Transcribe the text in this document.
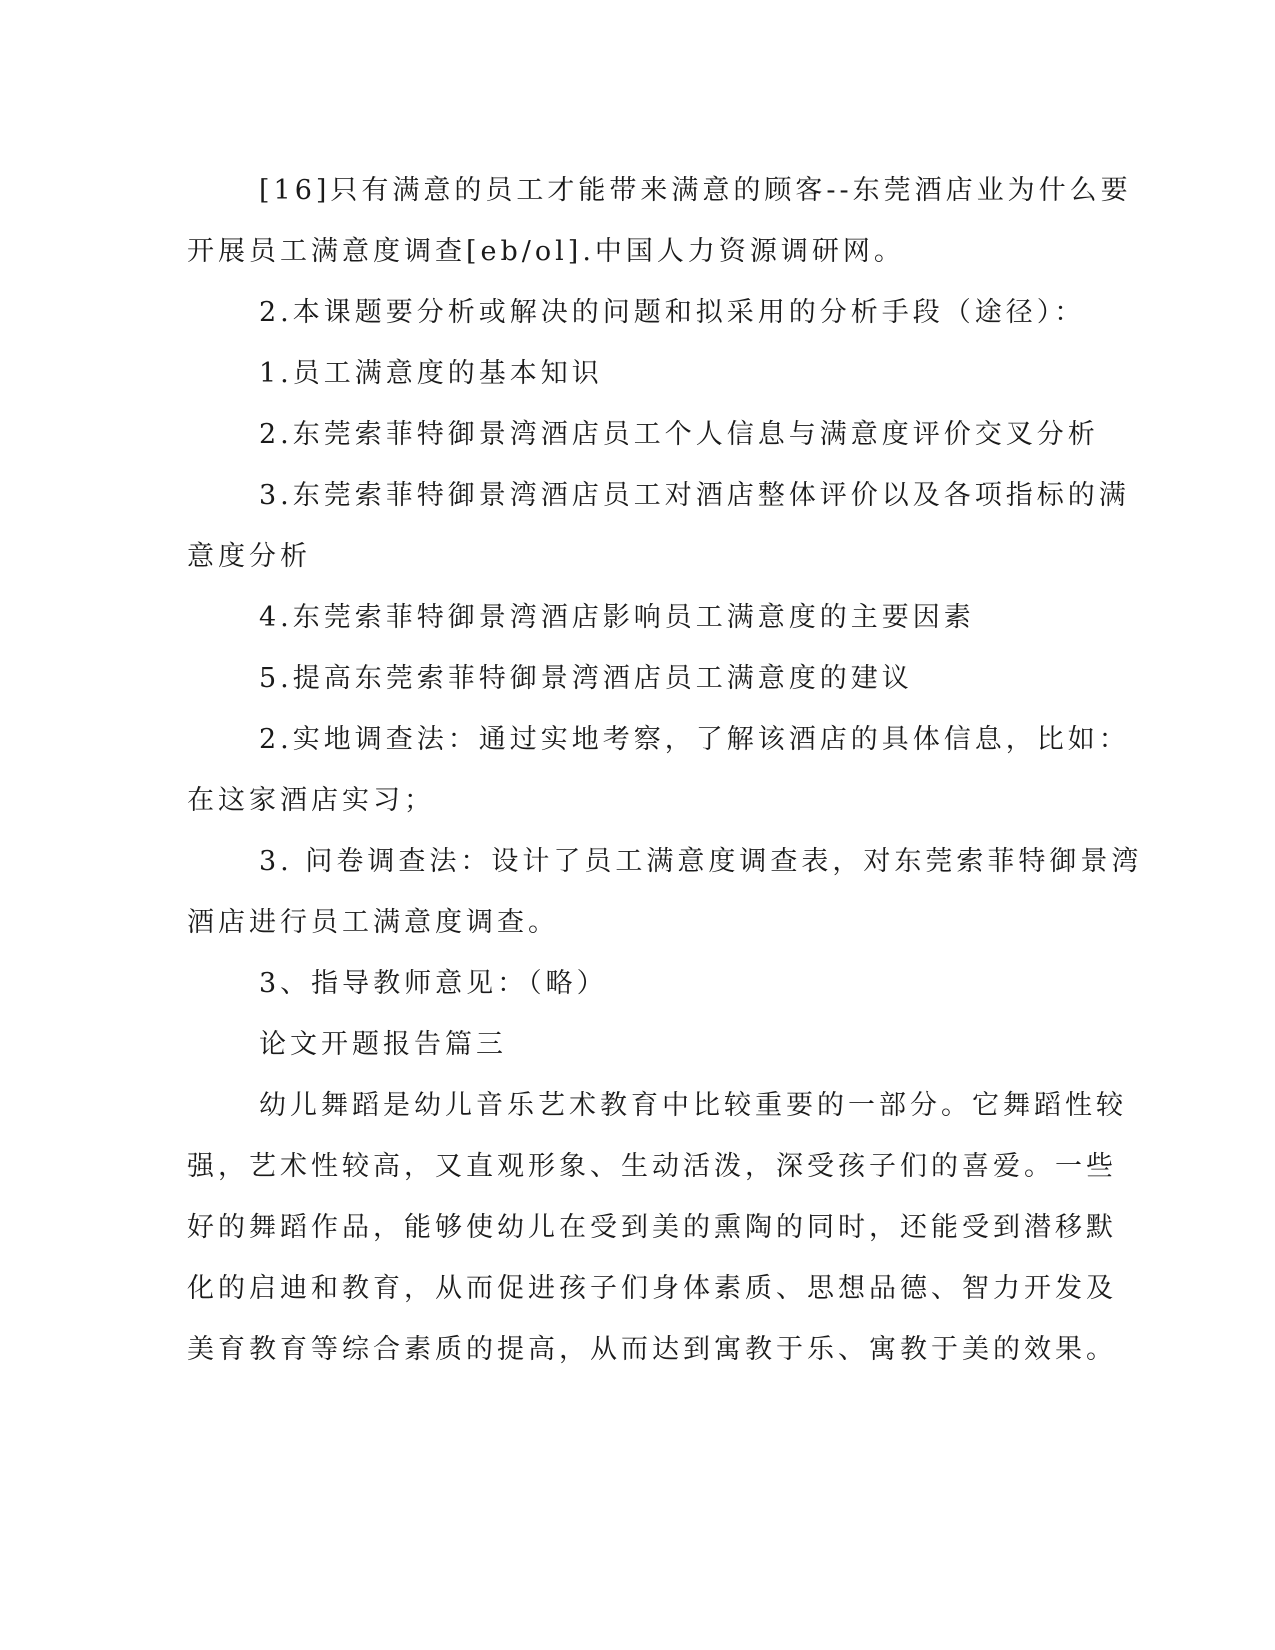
[16]只有满意的员工才能带来满意的顾客--东莞酒店业为什么要
开展员工满意度调查[eb/ol].中国人力资源调研网。

2.本课题要分析或解决的问题和拟采用的分析手段（途径）：

1.员工满意度的基本知识

2.东莞索菲特御景湾酒店员工个人信息与满意度评价交叉分析

3.东莞索菲特御景湾酒店员工对酒店整体评价以及各项指标的满
意度分析

4.东莞索菲特御景湾酒店影响员工满意度的主要因素

5.提高东莞索菲特御景湾酒店员工满意度的建议

2.实地调查法：通过实地考察，了解该酒店的具体信息，比如：
在这家酒店实习；

3. 问卷调查法：设计了员工满意度调查表，对东莞索菲特御景湾
酒店进行员工满意度调查。

3、指导教师意见：（略）

论文开题报告篇三

幼儿舞蹈是幼儿音乐艺术教育中比较重要的一部分。它舞蹈性较
强，艺术性较高，又直观形象、生动活泼，深受孩子们的喜爱。一些
好的舞蹈作品，能够使幼儿在受到美的熏陶的同时，还能受到潜移默
化的启迪和教育，从而促进孩子们身体素质、思想品德、智力开发及
美育教育等综合素质的提高，从而达到寓教于乐、寓教于美的效果。
